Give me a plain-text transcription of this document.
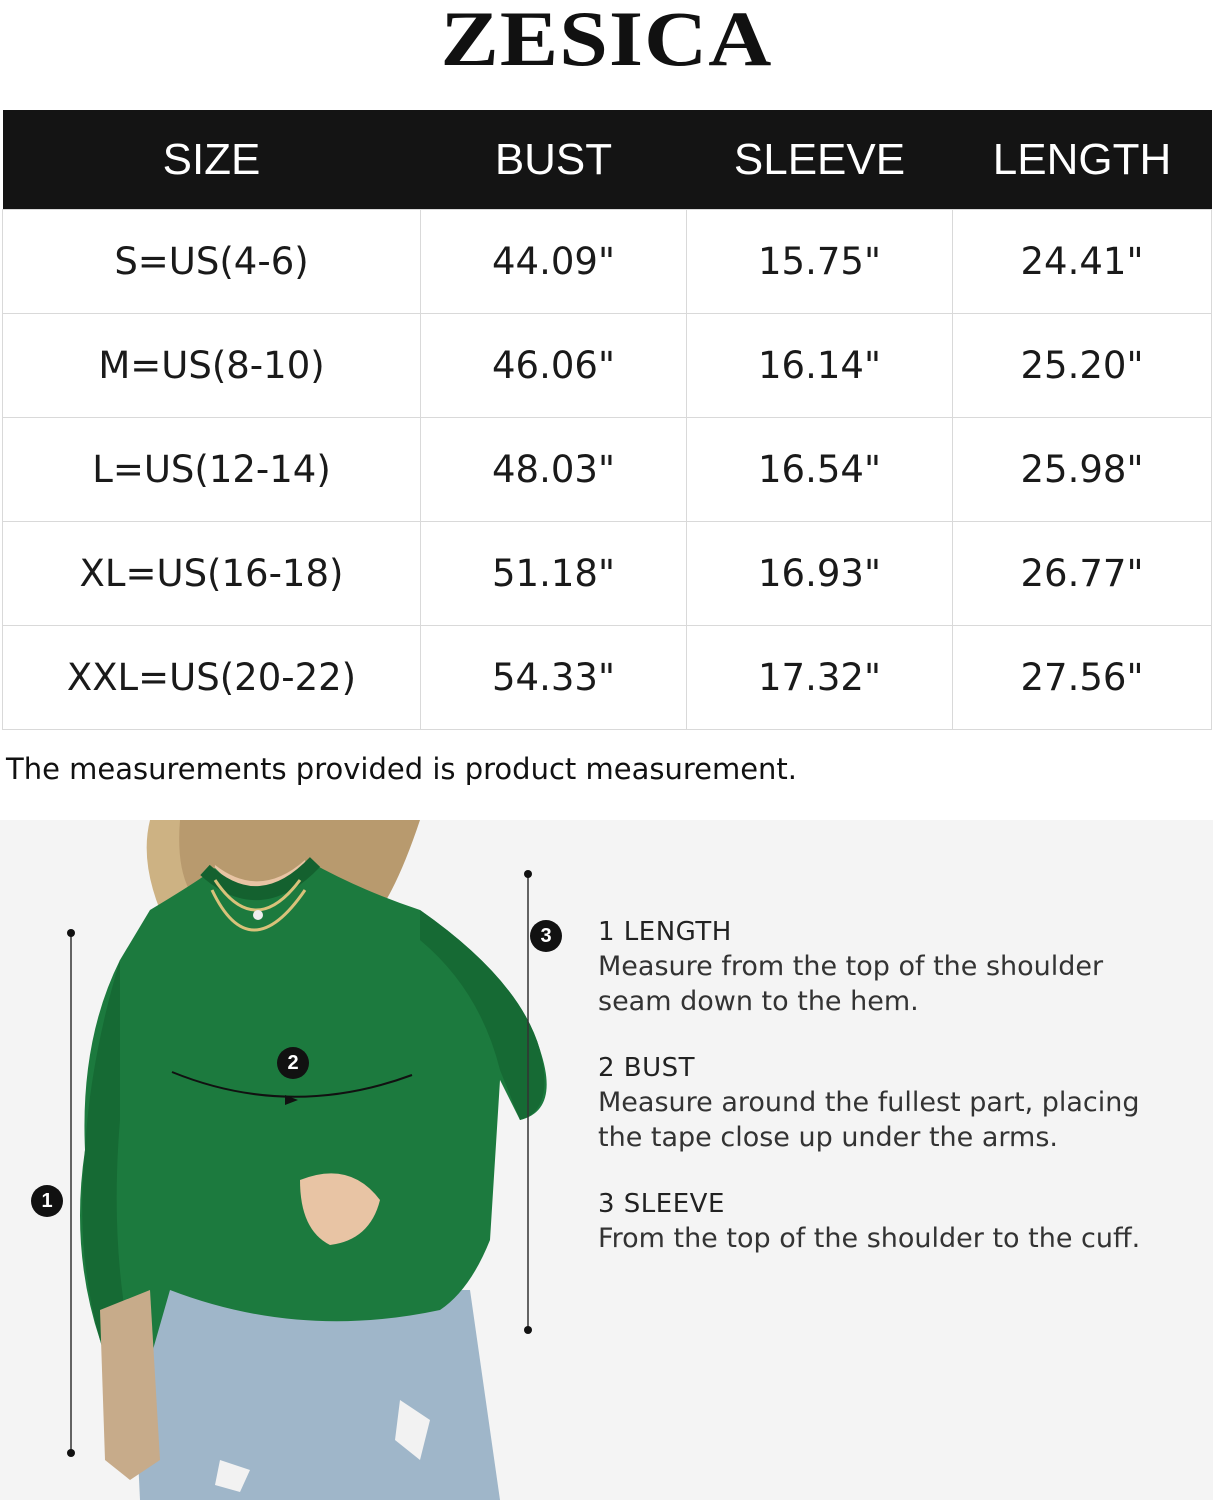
ZESICA
SIZE	BUST	SLEEVE	LENGTH
S=US(4-6)	44.09"	15.75"	24.41"
M=US(8-10)	46.06"	16.14"	25.20"
L=US(12-14)	48.03"	16.54"	25.98"
XL=US(16-18)	51.18"	16.93"	26.77"
XXL=US(20-22)	54.33"	17.32"	27.56"
The measurements provided is product measurement.
1
2
3	1 LENGTH
Measure from the top of the shoulder
seam down to the hem.
2 BUST
Measure around the fullest part, placing
the tape close up under the arms.
3 SLEEVE
From the top of the shoulder to the cuff.
